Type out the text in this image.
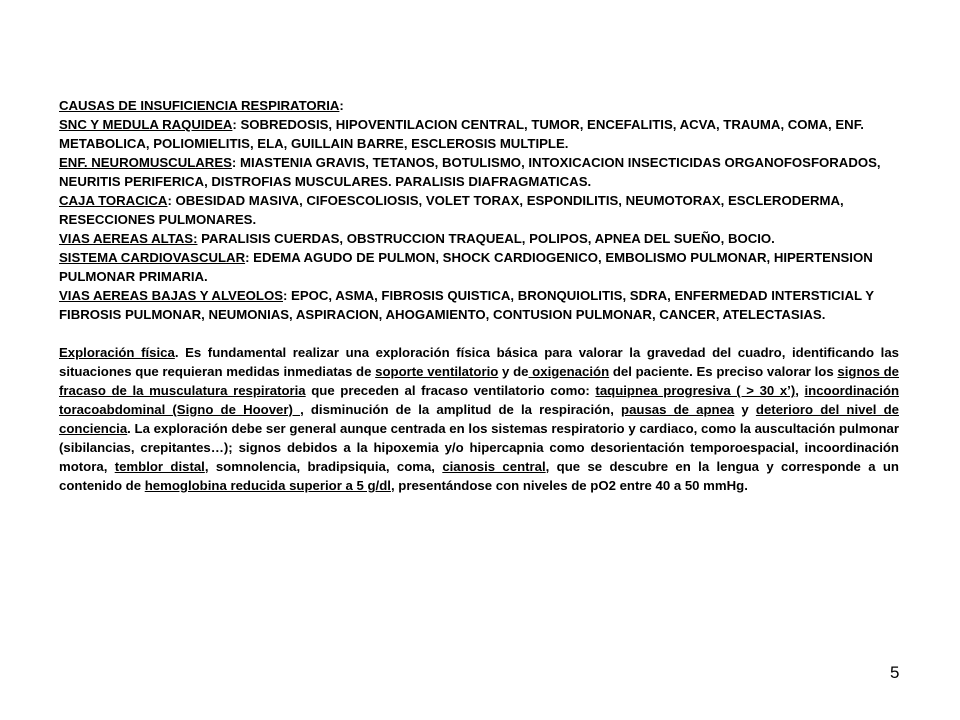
CAUSAS DE INSUFICIENCIA RESPIRATORIA:

SNC Y MEDULA RAQUIDEA: SOBREDOSIS, HIPOVENTILACION CENTRAL, TUMOR, ENCEFALITIS, ACVA, TRAUMA, COMA, ENF. METABOLICA, POLIOMIELITIS, ELA, GUILLAIN BARRE, ESCLEROSIS MULTIPLE.

ENF. NEUROMUSCULARES: MIASTENIA GRAVIS, TETANOS, BOTULISMO, INTOXICACION INSECTICIDAS ORGANOFOSFORADOS, NEURITIS PERIFERICA, DISTROFIAS MUSCULARES. PARALISIS DIAFRAGMATICAS.

CAJA TORACICA: OBESIDAD MASIVA, CIFOESCOLIOSIS, VOLET TORAX, ESPONDILITIS, NEUMOTORAX, ESCLERODERMA, RESECCIONES PULMONARES.

VIAS AEREAS ALTAS: PARALISIS CUERDAS, OBSTRUCCION TRAQUEAL, POLIPOS, APNEA DEL SUEÑO, BOCIO.

SISTEMA CARDIOVASCULAR: EDEMA AGUDO DE PULMON, SHOCK CARDIOGENICO, EMBOLISMO PULMONAR, HIPERTENSION PULMONAR PRIMARIA.

VIAS AEREAS BAJAS Y ALVEOLOS: EPOC, ASMA, FIBROSIS QUISTICA, BRONQUIOLITIS, SDRA, ENFERMEDAD INTERSTICIAL Y FIBROSIS PULMONAR, NEUMONIAS, ASPIRACION, AHOGAMIENTO, CONTUSION PULMONAR, CANCER, ATELECTASIAS.

Exploración física. Es fundamental realizar una exploración física básica para valorar la gravedad del cuadro, identificando las situaciones que requieran medidas inmediatas de soporte ventilatorio y de oxigenación del paciente. Es preciso valorar los signos de fracaso de la musculatura respiratoria que preceden al fracaso ventilatorio como: taquipnea progresiva ( > 30 x’), incoordinación toracoabdominal (Signo de Hoover) , disminución de la amplitud de la respiración, pausas de apnea y deterioro del nivel de conciencia. La exploración debe ser general aunque centrada en los sistemas respiratorio y cardiaco, como la auscultación pulmonar (sibilancias, crepitantes…); signos debidos a la hipoxemia y/o hipercapnia como desorientación temporoespacial, incoordinación motora, temblor distal, somnolencia, bradipsiquia, coma, cianosis central, que se descubre en la lengua y corresponde a un contenido de hemoglobina reducida superior a 5 g/dl, presentándose con niveles de pO2 entre 40 a 50 mmHg.

5
